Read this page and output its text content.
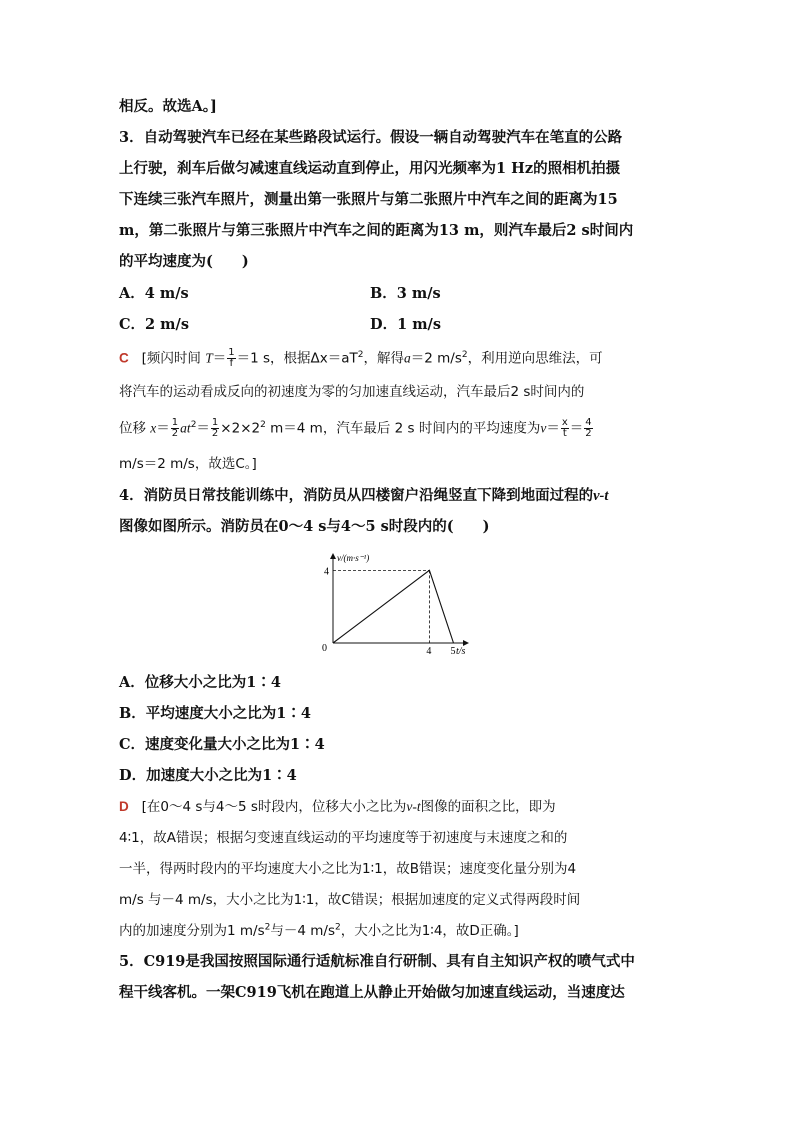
相反。故选A。]
3．自动驾驶汽车已经在某些路段试运行。假设一辆自动驾驶汽车在笔直的公路
上行驶，刹车后做匀减速直线运动直到停止，用闪光频率为1 Hz的照相机拍摄
下连续三张汽车照片，测量出第一张照片与第二张照片中汽车之间的距离为15
m，第二张照片与第三张照片中汽车之间的距离为13 m，则汽车最后2 s时间内
的平均速度为(　　)
A．4 m/s	B．3 m/s
C．2 m/s	D．1 m/s
C [频闪时间 $T= \frac{1}{f} =1$ s，根据$\Delta x=aT^2$，解得a＝2 $m/s^2$，利用逆向思维法，可
将汽车的运动看成反向的初速度为零的匀加速直线运动，汽车最后2 s时间内的
位移 $x= \frac{1}{2} at^2= \frac{1}{2} \times 2\times 2^2$ m＝4 m，汽车最后 2 s 时间内的平均速度为$v= \frac{x}{t} = \frac{4}{2}$
m/s＝2 m/s，故选C。]
4．消防员日常技能训练中，消防员从四楼窗户沿绳竖直下降到地面过程的v-t
图像如图所示。消防员在0～4 s与4～5 s时段内的(　　)
v/(m·s⁻¹)
0	4 5
4
t/s
A．位移大小之比为1∶4
B．平均速度大小之比为1∶4
C．速度变化量大小之比为1∶4
D．加速度大小之比为1∶4
D [在0～4 s与4～5 s时段内，位移大小之比为v-t图像的面积之比，即为
4∶1，故A错误；根据匀变速直线运动的平均速度等于初速度与末速度之和的
一半，得两时段内的平均速度大小之比为1∶1，故B错误；速度变化量分别为4
m/s 与－4 m/s，大小之比为1∶1，故C错误；根据加速度的定义式得两段时间
内的加速度分别为1 $m/s^2$与－4 $m/s^2$，大小之比为1∶4，故D正确。]
5．C919是我国按照国际通行适航标准自行研制、具有自主知识产权的喷气式中
程干线客机。一架C919飞机在跑道上从静止开始做匀加速直线运动，当速度达
